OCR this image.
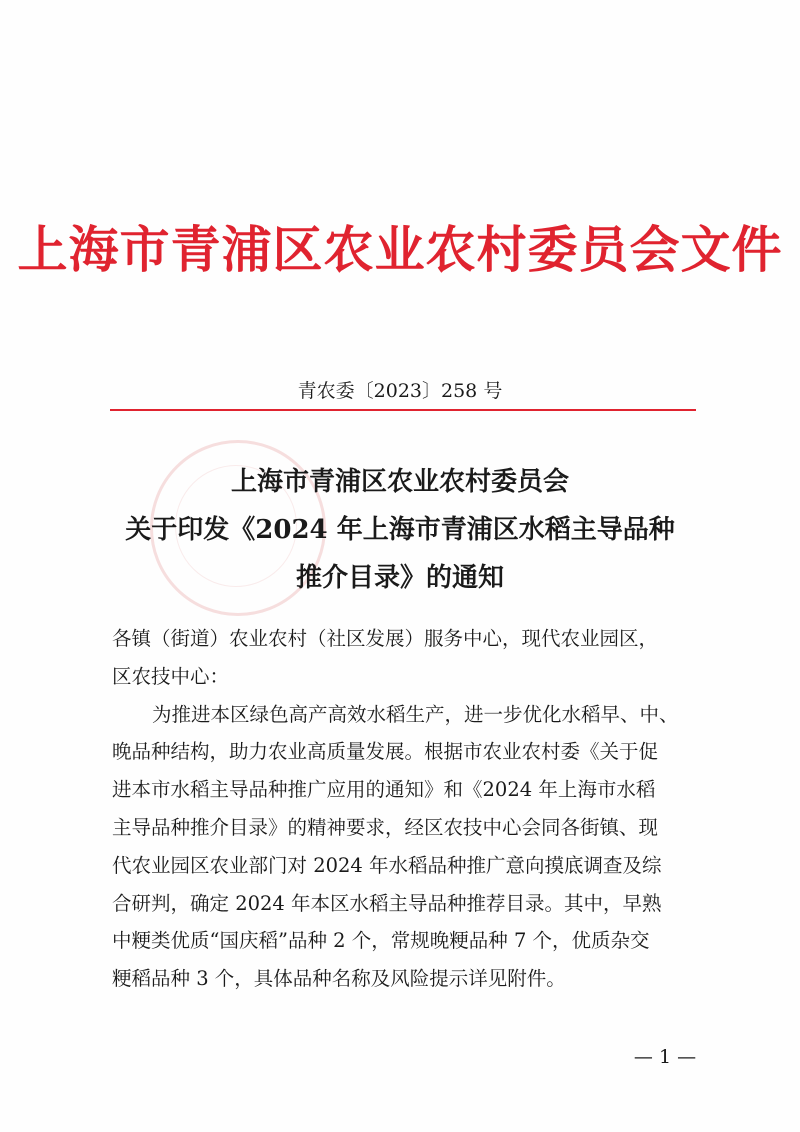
上海市青浦区农业农村委员会文件
青农委〔2023〕258 号
上海市青浦区农业农村委员会
关于印发《2024 年上海市青浦区水稻主导品种
推介目录》的通知
各镇（街道）农业农村（社区发展）服务中心，现代农业园区，
区农技中心：
为推进本区绿色高产高效水稻生产，进一步优化水稻早、中、
晚品种结构，助力农业高质量发展。根据市农业农村委《关于促
进本市水稻主导品种推广应用的通知》和《2024 年上海市水稻
主导品种推介目录》的精神要求，经区农技中心会同各街镇、现
代农业园区农业部门对 2024 年水稻品种推广意向摸底调查及综
合研判，确定 2024 年本区水稻主导品种推荐目录。其中，早熟
中粳类优质“国庆稻”品种 2 个，常规晚粳品种 7 个，优质杂交
粳稻品种 3 个，具体品种名称及风险提示详见附件。
— 1 —
